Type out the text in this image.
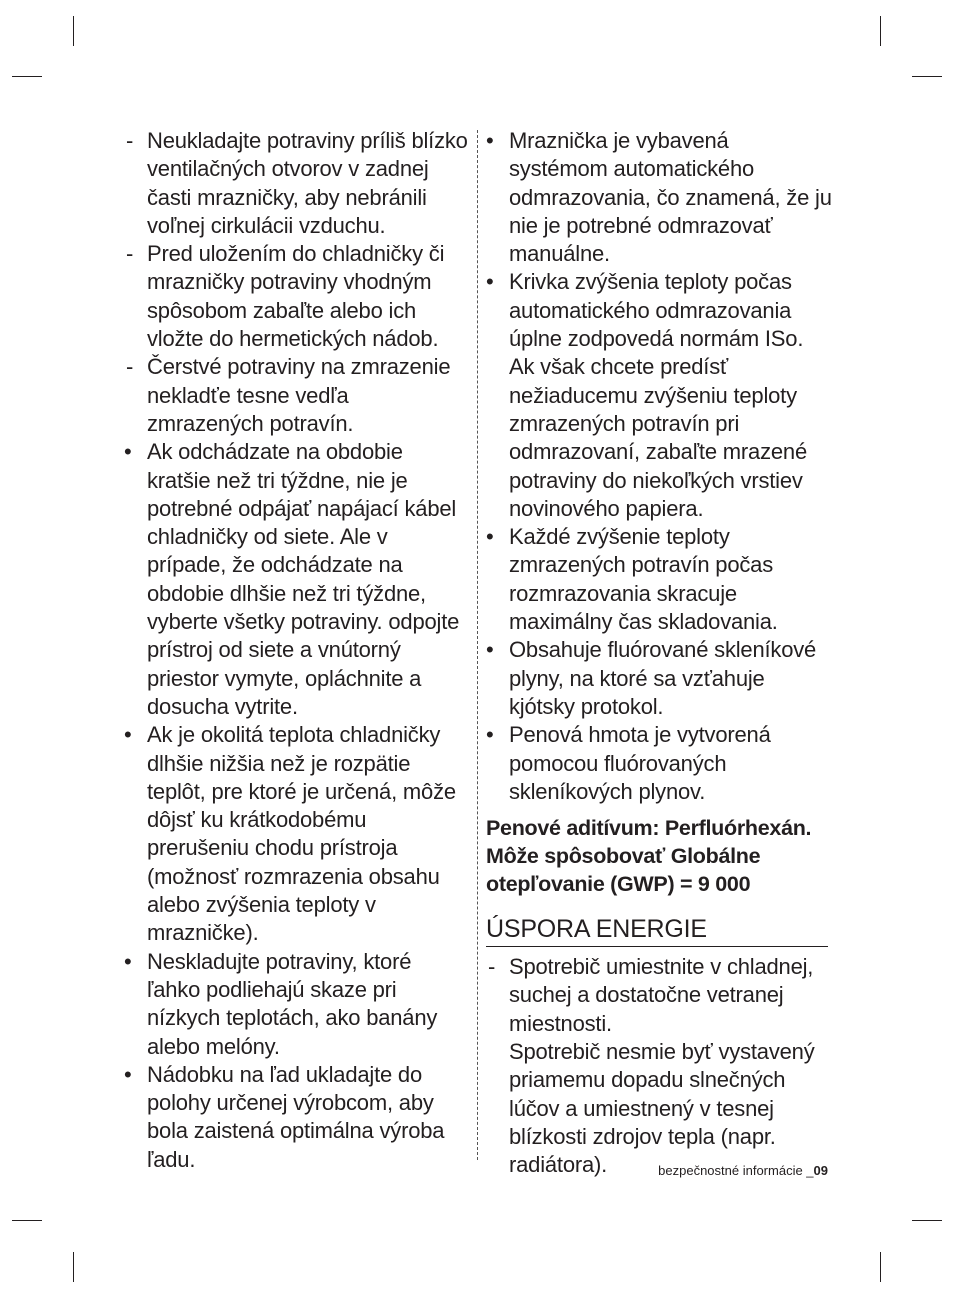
- Neukladajte potraviny príliš blízko ventilačných otvorov v zadnej časti mrazničky, aby nebránili voľnej cirkulácii vzduchu.
- Pred uložením do chladničky či mrazničky potraviny vhodným spôsobom zabaľte alebo ich vložte do hermetických nádob.
- Čerstvé potraviny na zmrazenie nekladťe tesne vedľa zmrazených potravín.
• Ak odchádzate na obdobie kratšie než tri týždne, nie je potrebné odpájať napájací kábel chladničky od siete. Ale v prípade, že odchádzate na obdobie dlhšie než tri týždne, vyberte všetky potraviny. odpojte prístroj od siete a vnútorný priestor vymyte, opláchnite a dosucha vytrite.
• Ak je okolitá teplota chladničky dlhšie nižšia než je rozpätie teplôt, pre ktoré je určená, môže dôjsť ku krátkodobému prerušeniu chodu prístroja (možnosť rozmrazenia obsahu alebo zvýšenia teploty v mrazničke).
• Neskladujte potraviny, ktoré ľahko podliehajú skaze pri nízkych teplotách, ako banány alebo melóny.
• Nádobku na ľad ukladajte do polohy určenej výrobcom, aby bola zaistená optimálna výroba ľadu.
• Mraznička je vybavená systémom automatického odmrazovania, čo znamená, že ju nie je potrebné odmrazovať manuálne.
• Krivka zvýšenia teploty počas automatického odmrazovania úplne zodpovedá normám ISo. Ak však chcete predísť nežiaducemu zvýšeniu teploty zmrazených potravín pri odmrazovaní, zabaľte mrazené potraviny do niekoľkých vrstiev novinového papiera.
• Každé zvýšenie teploty zmrazených potravín počas rozmrazovania skracuje maximálny čas skladovania.
• Obsahuje fluórované skleníkové plyny, na ktoré sa vzťahuje kjótsky protokol.
• Penová hmota je vytvorená pomocou fluórovaných skleníkových plynov.
Penové aditívum: Perfluórhexán.
Môže spôsobovať Globálne
otepľovanie (GWP) = 9 000
ÚSPORA ENERGIE
- Spotrebič umiestnite v chladnej, suchej a dostatočne vetranej miestnosti.
Spotrebič nesmie byť vystavený priamemu dopadu slnečných lúčov a umiestnený v tesnej blízkosti zdrojov tepla (napr. radiátora).	bezpečnostné informácie _09
